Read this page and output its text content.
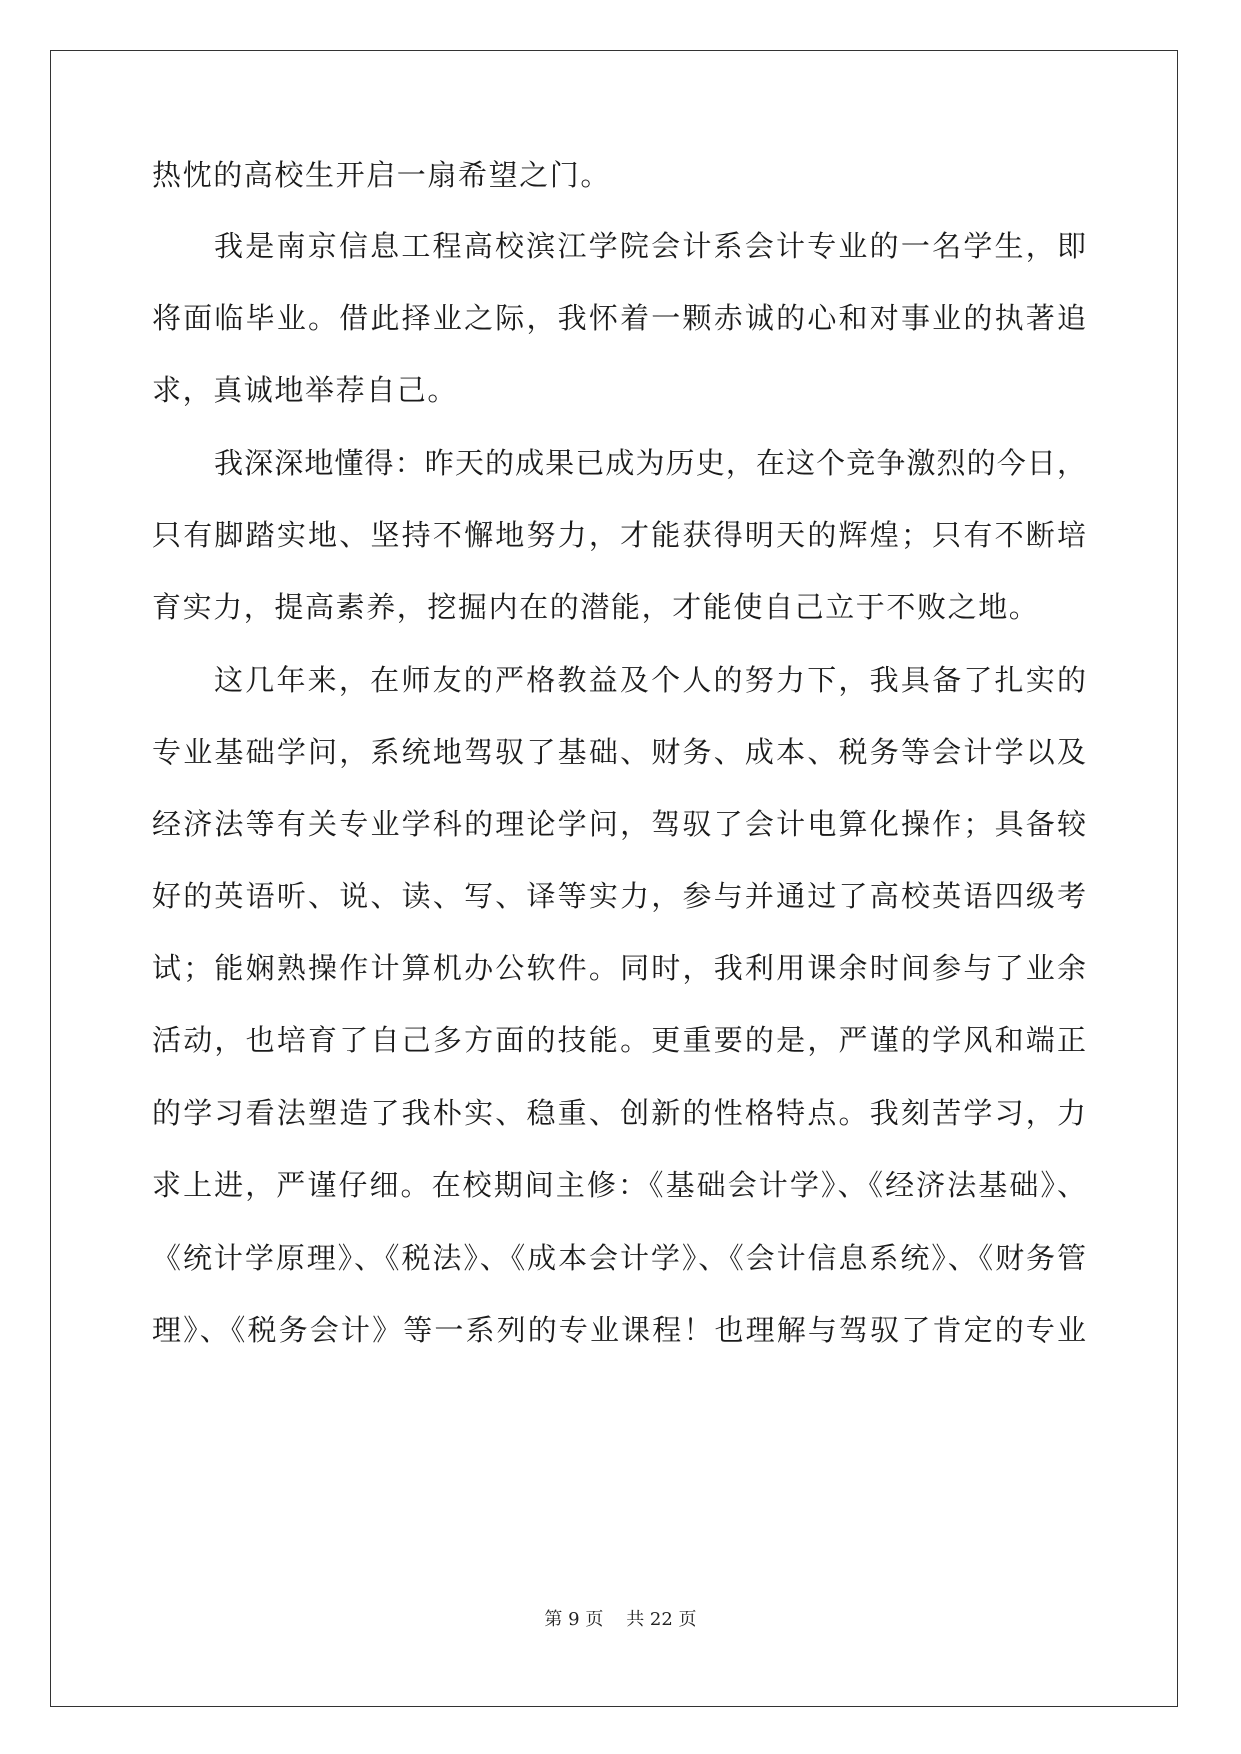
热忱的高校生开启一扇希望之门。
我是南京信息工程高校滨江学院会计系会计专业的一名学生，即
将面临毕业。借此择业之际，我怀着一颗赤诚的心和对事业的执著追
求，真诚地举荐自己。
我深深地懂得：昨天的成果已成为历史，在这个竞争激烈的今日，
只有脚踏实地、坚持不懈地努力，才能获得明天的辉煌；只有不断培
育实力，提高素养，挖掘内在的潜能，才能使自己立于不败之地。
这几年来，在师友的严格教益及个人的努力下，我具备了扎实的
专业基础学问，系统地驾驭了基础、财务、成本、税务等会计学以及
经济法等有关专业学科的理论学问，驾驭了会计电算化操作；具备较
好的英语听、说、读、写、译等实力，参与并通过了高校英语四级考
试；能娴熟操作计算机办公软件。同时，我利用课余时间参与了业余
活动，也培育了自己多方面的技能。更重要的是，严谨的学风和端正
的学习看法塑造了我朴实、稳重、创新的性格特点。我刻苦学习，力
求上进，严谨仔细。在校期间主修：《基础会计学》、《经济法基础》、
《统计学原理》、《税法》、《成本会计学》、《会计信息系统》、《财务管
理》、《税务会计》等一系列的专业课程！也理解与驾驭了肯定的专业
第 9 页    共 22 页
